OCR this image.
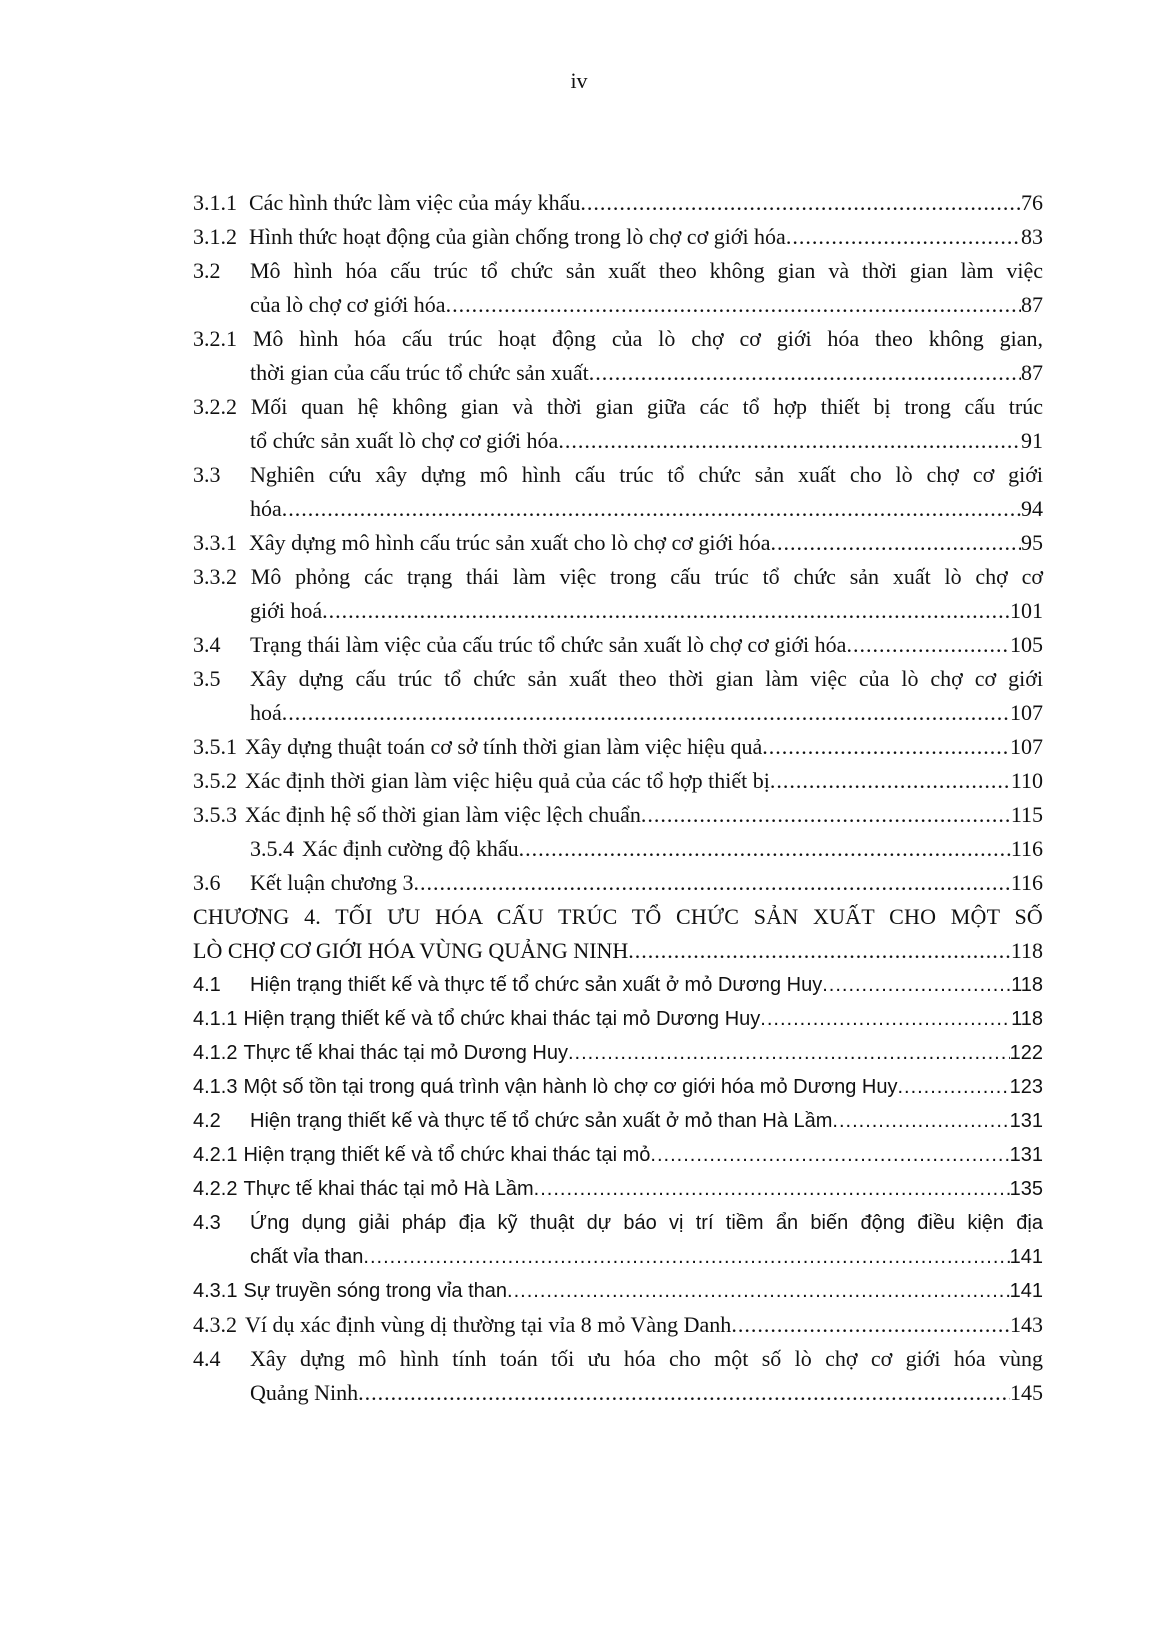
iv
3.1.1 Các hình thức làm việc của máy khấu .....	76
3.1.2 Hình thức hoạt động của giàn chống trong lò chợ cơ giới hóa .....	83
3.2 Mô hình hóa cấu trúc tổ chức sản xuất theo không gian và thời gian làm việc
của lò chợ cơ giới hóa .....	87
3.2.1 Mô hình hóa cấu trúc hoạt động của lò chợ cơ giới hóa theo không gian,
thời gian của cấu trúc tổ chức sản xuất .....	87
3.2.2 Mối quan hệ không gian và thời gian giữa các tổ hợp thiết bị trong cấu trúc
tổ chức sản xuất lò chợ cơ giới hóa .....	91
3.3 Nghiên cứu xây dựng mô hình cấu trúc tổ chức sản xuất cho lò chợ cơ giới
hóa .....	94
3.3.1 Xây dựng mô hình cấu trúc sản xuất cho lò chợ cơ giới hóa .....	95
3.3.2 Mô phỏng các trạng thái làm việc trong cấu trúc tổ chức sản xuất lò chợ cơ
giới hoá .....	101
3.4	Trạng thái làm việc của cấu trúc tổ chức sản xuất lò chợ cơ giới hóa .....	105
3.5 Xây dựng cấu trúc tổ chức sản xuất theo thời gian làm việc của lò chợ cơ giới
hoá .....	107
3.5.1 Xây dựng thuật toán cơ sở tính thời gian làm việc hiệu quả .....	107
3.5.2 Xác định thời gian làm việc hiệu quả của các tổ hợp thiết bị .....	110
3.5.3 Xác định hệ số thời gian làm việc lệch chuẩn .....	115
3.5.4 Xác định cường độ khấu .....	116
3.6	Kết luận chương 3 .....	116
CHƯƠNG 4. TỐI ƯU HÓA CẤU TRÚC TỔ CHỨC SẢN XUẤT CHO MỘT SỐ
LÒ CHỢ CƠ GIỚI HÓA VÙNG QUẢNG NINH .....	118
4.1	Hiện trạng thiết kế và thực tế tổ chức sản xuất ở mỏ Dương Huy .....	118
4.1.1 Hiện trạng thiết kế và tổ chức khai thác tại mỏ Dương Huy .....	118
4.1.2 Thực tế khai thác tại mỏ Dương Huy .....	122
4.1.3 Một số tồn tại trong quá trình vận hành lò chợ cơ giới hóa mỏ Dương Huy .....	123
4.2	Hiện trạng thiết kế và thực tế tổ chức sản xuất ở mỏ than Hà Lầm .....	131
4.2.1 Hiện trạng thiết kế và tổ chức khai thác tại mỏ .....	131
4.2.2 Thực tế khai thác tại mỏ Hà Lầm .....	135
4.3 Ứng dụng giải pháp địa kỹ thuật dự báo vị trí tiềm ẩn biến động điều kiện địa
chất vỉa than .....	141
4.3.1 Sự truyền sóng trong vỉa than .....	141
4.3.2 Ví dụ xác định vùng dị thường tại vỉa 8 mỏ Vàng Danh .....	143
4.4 Xây dựng mô hình tính toán tối ưu hóa cho một số lò chợ cơ giới hóa vùng
Quảng Ninh .....	145
